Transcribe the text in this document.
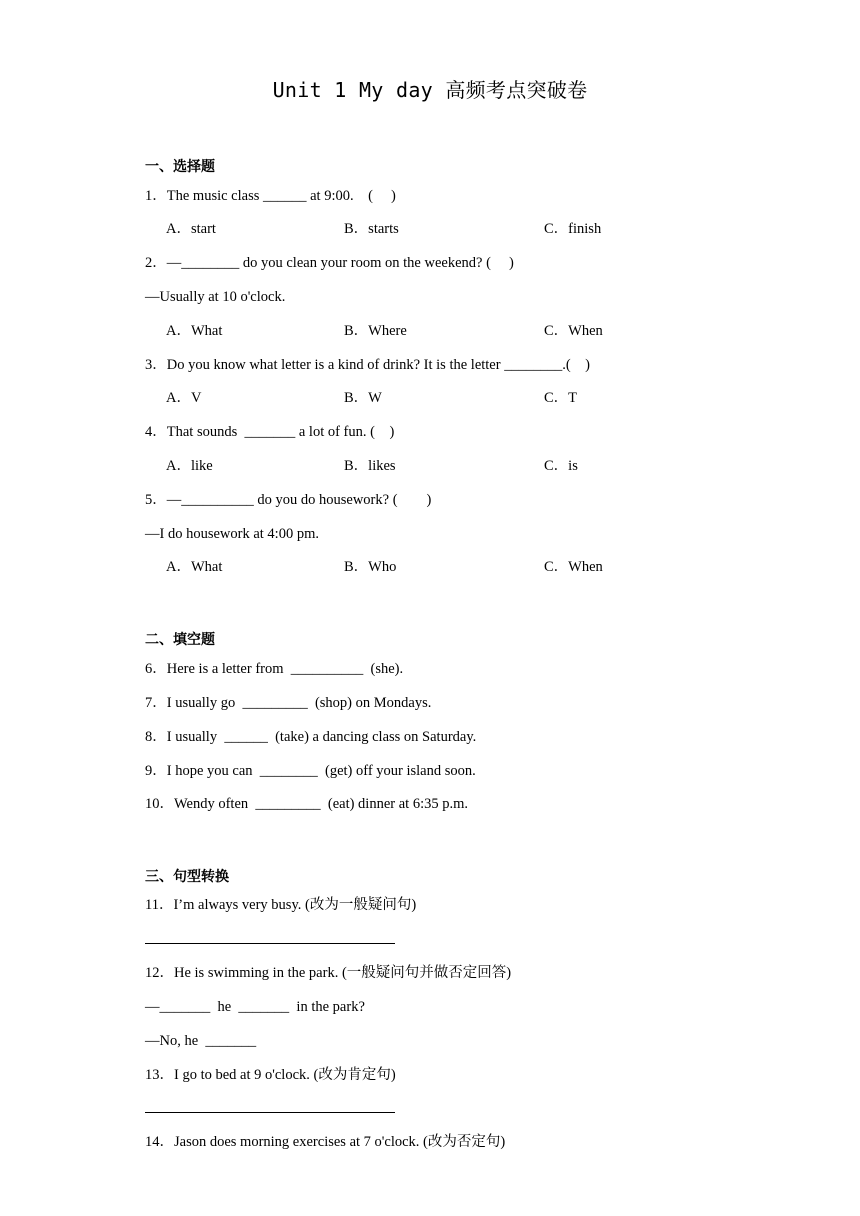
Unit 1 My day 高频考点突破卷
一、选择题
1．The music class ______ at 9:00.    (     )
A．start	B．starts	C．finish
2．—________ do you clean your room on the weekend? (     )
—Usually at 10 o'clock.
A．What	B．Where	C．When
3．Do you know what letter is a kind of drink? It is the letter ________.(    )
A．V	B．W	C．T
4．That sounds  _______ a lot of fun. (    )
A．like	B．likes	C．is
5．—__________ do you do housework? (        )
—I do housework at 4:00 pm.
A．What	B．Who	C．When
二、填空题
6．Here is a letter from  __________  (she).
7．I usually go  _________  (shop) on Mondays.
8．I usually  ______  (take) a dancing class on Saturday.
9．I hope you can  ________  (get) off your island soon.
10．Wendy often  _________  (eat) dinner at 6:35 p.m.
三、句型转换
11．I’m always very busy. (改为一般疑问句)
12．He is swimming in the park. (一般疑问句并做否定回答)
—_______  he  _______  in the park?
—No, he  _______
13．I go to bed at 9 o'clock. (改为肯定句)
14．Jason does morning exercises at 7 o'clock. (改为否定句)
